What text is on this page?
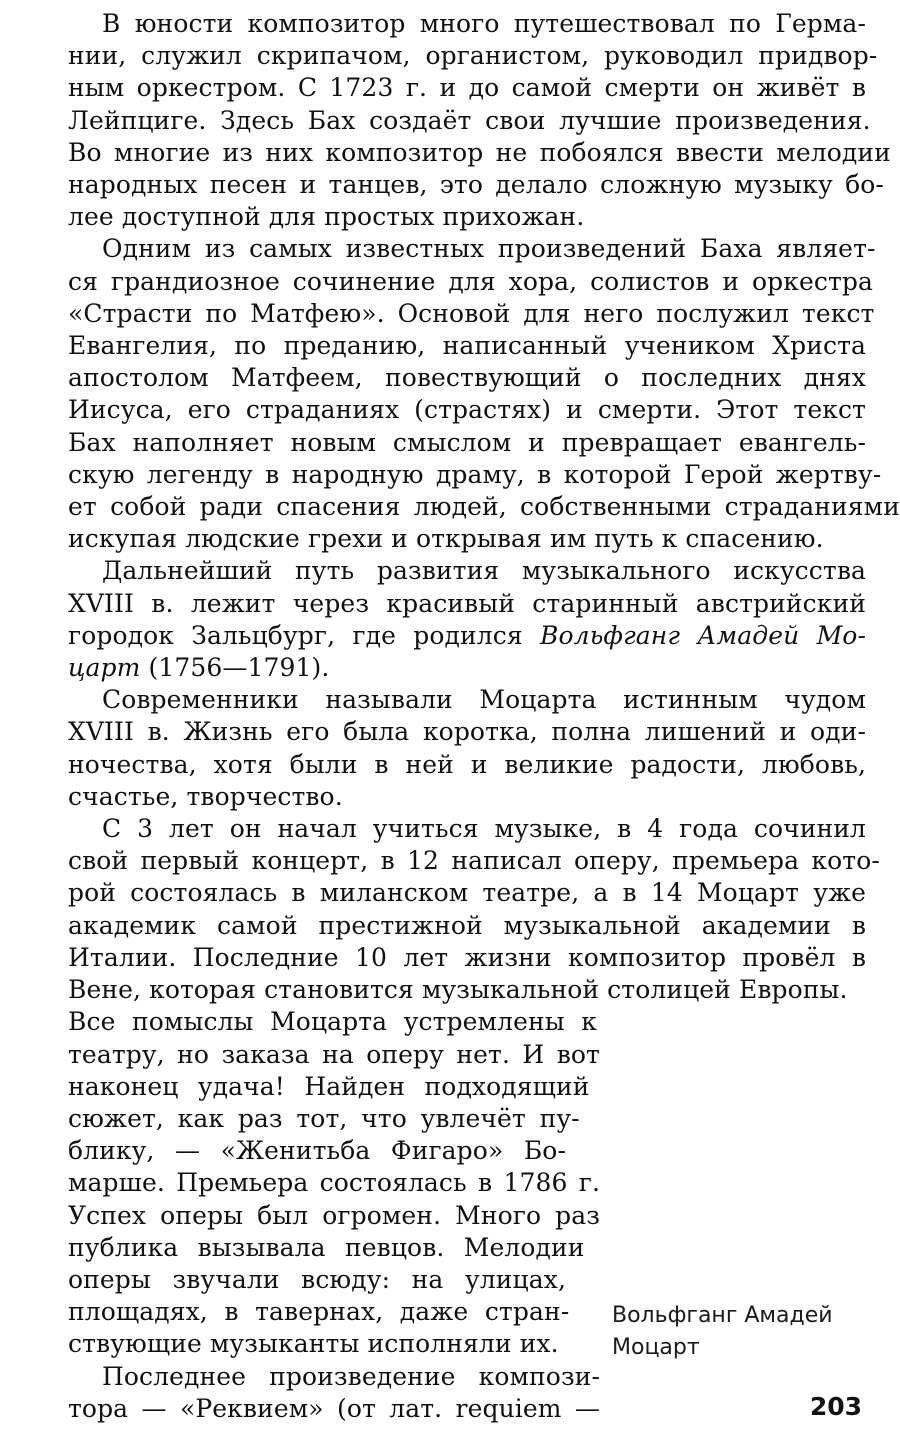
В юности композитор много путешествовал по Герма-
нии, служил скрипачом, органистом, руководил придвор-
ным оркестром. С 1723 г. и до самой смерти он живёт в
Лейпциге. Здесь Бах создаёт свои лучшие произведения.
Во многие из них композитор не побоялся ввести мелодии
народных песен и танцев, это делало сложную музыку бо-
лее доступной для простых прихожан.
Одним из самых известных произведений Баха являет-
ся грандиозное сочинение для хора, солистов и оркестра
«Страсти по Матфею». Основой для него послужил текст
Евангелия, по преданию, написанный учеником Христа
апостолом Матфеем, повествующий о последних днях
Иисуса, его страданиях (страстях) и смерти. Этот текст
Бах наполняет новым смыслом и превращает евангель-
скую легенду в народную драму, в которой Герой жертву-
ет собой ради спасения людей, собственными страданиями
искупая людские грехи и открывая им путь к спасению.
Дальнейший путь развития музыкального искусства
XVIII в. лежит через красивый старинный австрийский
городок Зальцбург, где родился Вольфганг Амадей Мо-
царт (1756—1791).
Современники называли Моцарта истинным чудом
XVIII в. Жизнь его была коротка, полна лишений и оди-
ночества, хотя были в ней и великие радости, любовь,
счастье, творчество.
С 3 лет он начал учиться музыке, в 4 года сочинил
свой первый концерт, в 12 написал оперу, премьера кото-
рой состоялась в миланском театре, а в 14 Моцарт уже
академик самой престижной музыкальной академии в
Италии. Последние 10 лет жизни композитор провёл в
Вене, которая становится музыкальной столицей Европы.
Все помыслы Моцарта устремлены к
театру, но заказа на оперу нет. И вот
наконец удача! Найден подходящий
сюжет, как раз тот, что увлечёт пу-
блику, — «Женитьба Фигаро» Бо-
марше. Премьера состоялась в 1786 г.
Успех оперы был огромен. Много раз
публика вызывала певцов. Мелодии
оперы звучали всюду: на улицах,
площадях, в тавернах, даже стран-
ствующие музыканты исполняли их.
Последнее произведение компози-
тора — «Реквием» (от лат. requiem —
Вольфганг Амадей
Моцарт
203
